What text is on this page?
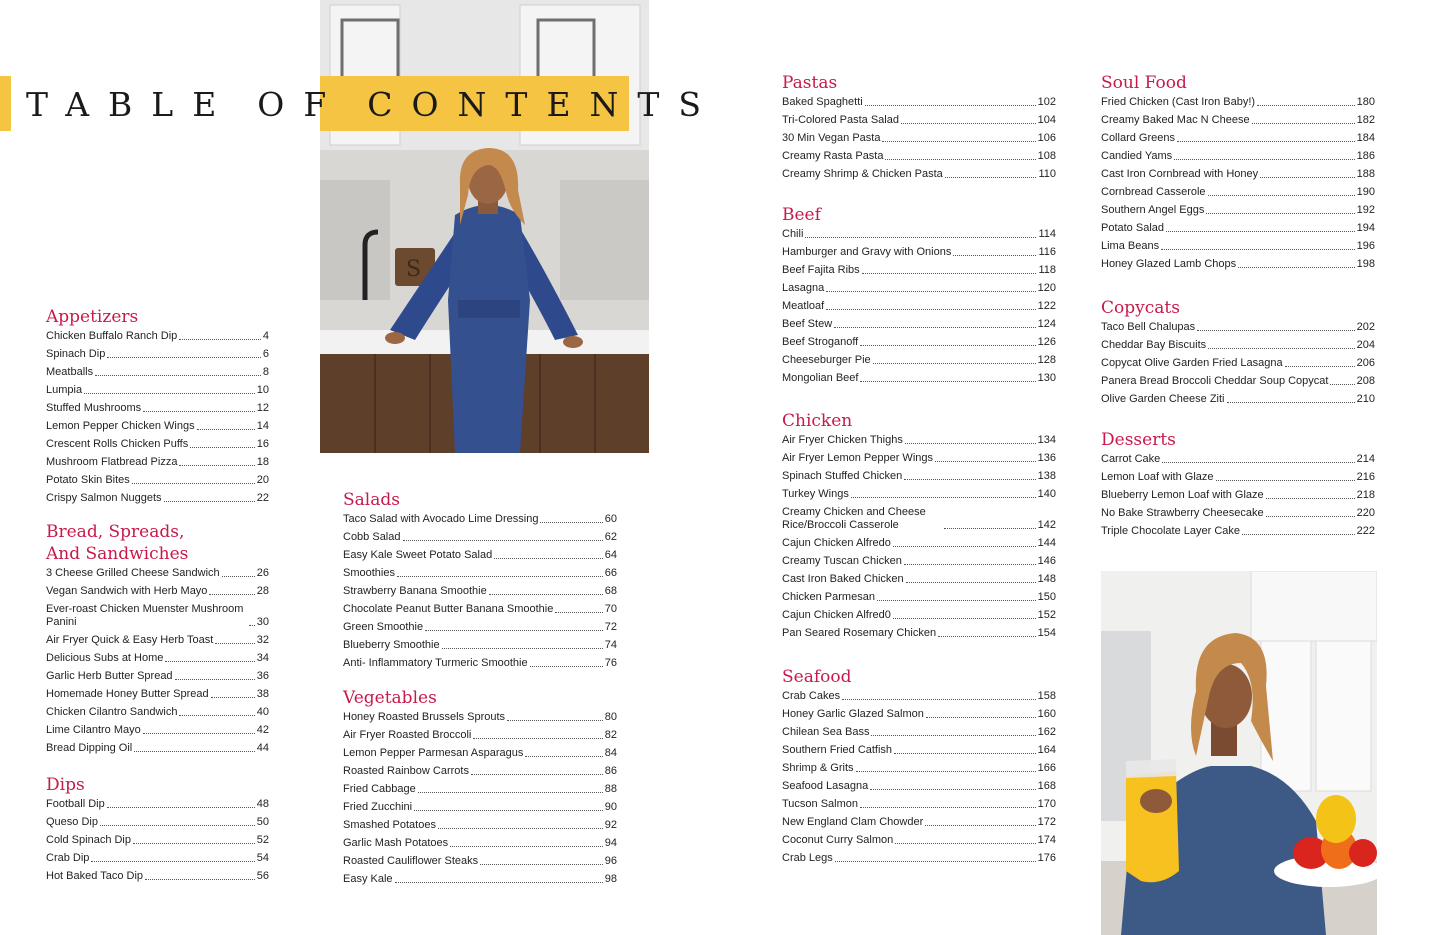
S
TABLE OF CONTENTS
Appetizers
Chicken Buffalo Ranch Dip	4
Spinach Dip	6
Meatballs	8
Lumpia	10
Stuffed Mushrooms	12
Lemon Pepper Chicken Wings	14
Crescent Rolls Chicken Puffs	16
Mushroom Flatbread Pizza	18
Potato Skin Bites	20
Crispy Salmon Nuggets	22
Bread, Spreads, And Sandwiches
3 Cheese Grilled Cheese Sandwich	26
Vegan Sandwich with Herb Mayo	28
Ever-roast Chicken Muenster Mushroom Panini	30
Air Fryer Quick & Easy Herb Toast	32
Delicious Subs at Home	34
Garlic Herb Butter Spread	36
Homemade Honey Butter Spread	38
Chicken Cilantro Sandwich	40
Lime Cilantro Mayo	42
Bread Dipping Oil	44
Dips
Football Dip	48
Queso Dip	50
Cold Spinach Dip	52
Crab Dip	54
Hot Baked Taco Dip	56
Salads
Taco Salad with Avocado Lime Dressing	60
Cobb Salad	62
Easy Kale Sweet Potato Salad	64
Smoothies	66
Strawberry Banana Smoothie	68
Chocolate Peanut Butter Banana Smoothie	70
Green Smoothie	72
Blueberry Smoothie	74
Anti- Inflammatory Turmeric Smoothie	76
Vegetables
Honey Roasted Brussels Sprouts	80
Air Fryer Roasted Broccoli	82
Lemon Pepper Parmesan Asparagus	84
Roasted Rainbow Carrots	86
Fried Cabbage	88
Fried Zucchini	90
Smashed Potatoes	92
Garlic Mash Potatoes	94
Roasted Cauliflower Steaks	96
Easy Kale	98
Pastas
Baked Spaghetti	102
Tri-Colored Pasta Salad	104
30 Min Vegan Pasta	106
Creamy Rasta Pasta	108
Creamy Shrimp & Chicken Pasta	110
Beef
Chili	114
Hamburger and Gravy with Onions	116
Beef Fajita Ribs	118
Lasagna	120
Meatloaf	122
Beef Stew	124
Beef Stroganoff	126
Cheeseburger Pie	128
Mongolian Beef	130
Chicken
Air Fryer Chicken Thighs	134
Air Fryer Lemon Pepper Wings	136
Spinach Stuffed Chicken	138
Turkey Wings	140
Creamy Chicken and Cheese Rice/Broccoli Casserole	142
Cajun Chicken Alfredo	144
Creamy Tuscan Chicken	146
Cast Iron Baked Chicken	148
Chicken Parmesan	150
Cajun Chicken Alfred0	152
Pan Seared Rosemary Chicken	154
Seafood
Crab Cakes	158
Honey Garlic Glazed Salmon	160
Chilean Sea Bass	162
Southern Fried Catfish	164
Shrimp & Grits	166
Seafood Lasagna	168
Tucson Salmon	170
New England Clam Chowder	172
Coconut Curry Salmon	174
Crab Legs	176
Soul Food
Fried Chicken (Cast Iron Baby!)	180
Creamy Baked Mac N Cheese	182
Collard Greens	184
Candied Yams	186
Cast Iron Cornbread with Honey	188
Cornbread Casserole	190
Southern Angel Eggs	192
Potato Salad	194
Lima Beans	196
Honey Glazed Lamb Chops	198
Copycats
Taco Bell Chalupas	202
Cheddar Bay Biscuits	204
Copycat Olive Garden Fried Lasagna	206
Panera Bread Broccoli Cheddar Soup Copycat	208
Olive Garden Cheese Ziti	210
Desserts
Carrot Cake	214
Lemon Loaf with Glaze	216
Blueberry Lemon Loaf with Glaze	218
No Bake Strawberry Cheesecake	220
Triple Chocolate Layer Cake	222
